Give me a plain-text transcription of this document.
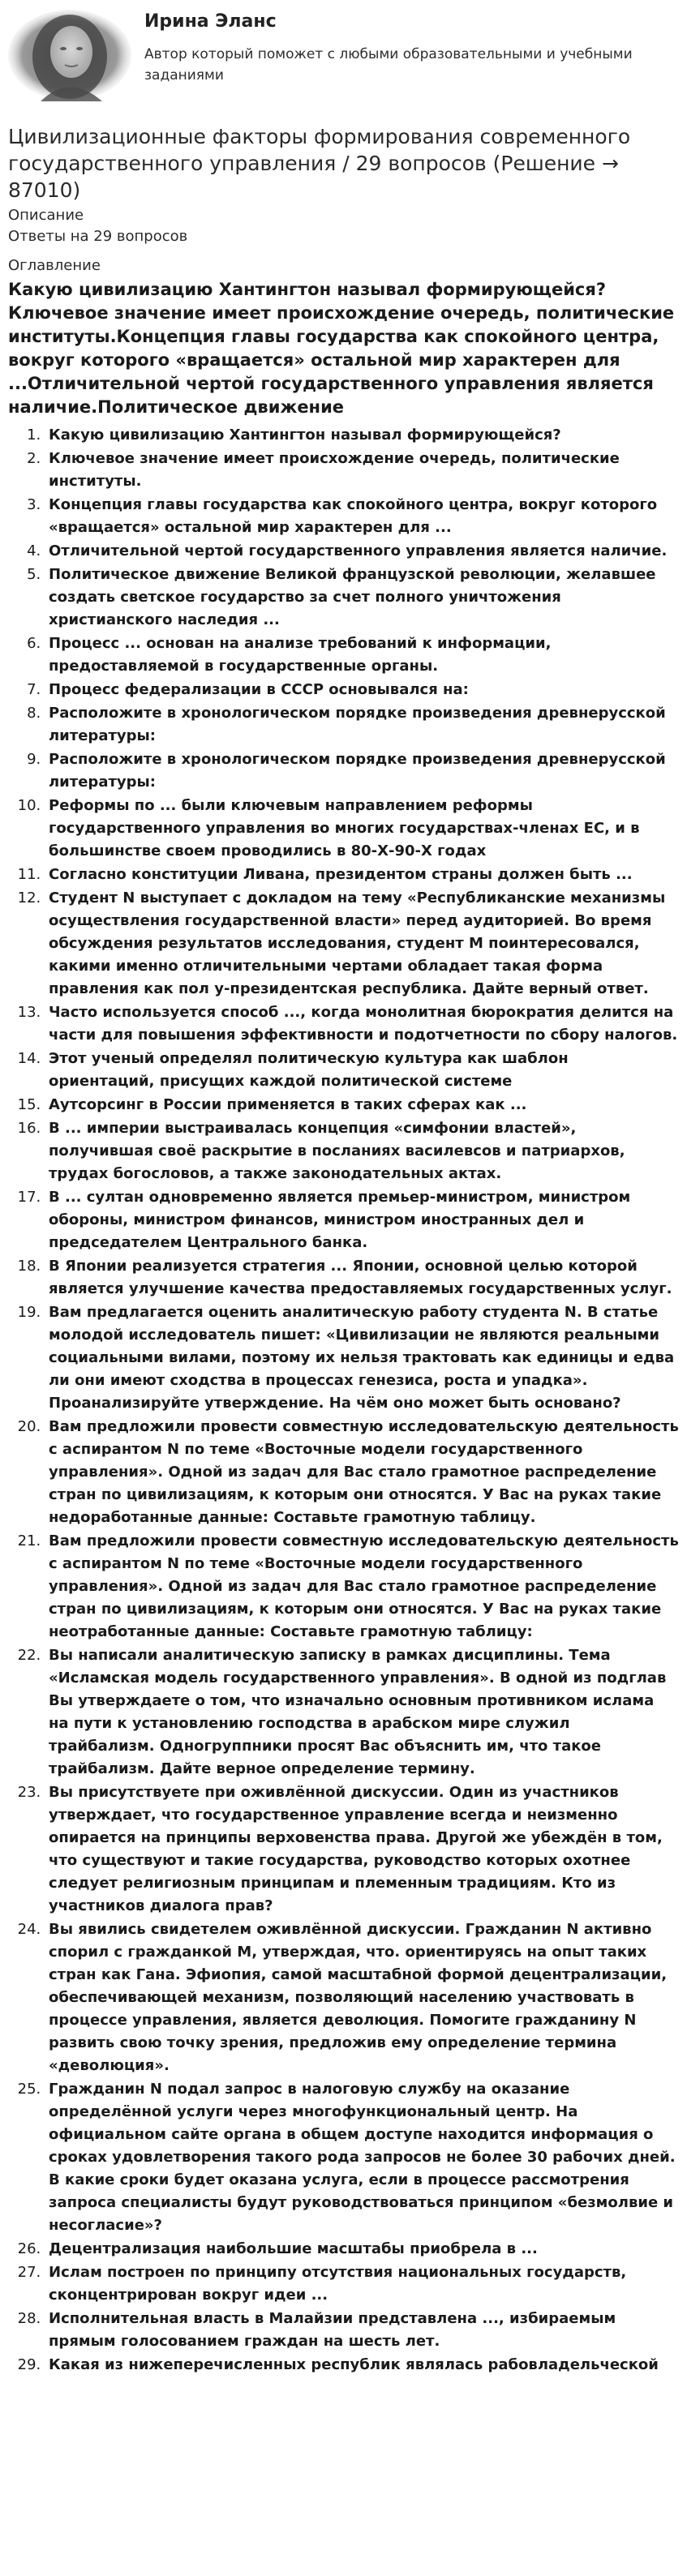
Ирина Эланс
Автор который поможет с любыми образовательными и учебными заданиями
Цивилизационные факторы формирования современного государственного управления / 29 вопросов (Решение → 87010)
Описание
Ответы на 29 вопросов
Оглавление
Какую цивилизацию Хантингтон называл формирующейся?Ключевое значение имеет происхождение очередь, политические институты.Концепция главы государства как спокойного центра, вокруг которого «вращается» остальной мир характерен для ...Отличительной чертой государственного управления является наличие.Политическое движение
1. Какую цивилизацию Хантингтон называл формирующейся?
2. Ключевое значение имеет происхождение очередь, политические институты.
3. Концепция главы государства как спокойного центра, вокруг которого «вращается» остальной мир характерен для ...
4. Отличительной чертой государственного управления является наличие.
5. Политическое движение Великой французской революции, желавшее создать светское государство за счет полного уничтожения христианского наследия ...
6. Процесс ... основан на анализе требований к информации, предоставляемой в государственные органы.
7. Процесс федерализации в СССР основывался на:
8. Расположите в хронологическом порядке произведения древнерусской литературы:
9. Расположите в хронологическом порядке произведения древнерусской литературы:
10. Реформы по ... были ключевым направлением реформы государственного управления во многих государствах-членах ЕС, и в большинстве своем проводились в 80-Х-90-Х годах
11. Согласно конституции Ливана, президентом страны должен быть ...
12. Студент N выступает с докладом на тему «Республиканские механизмы осуществления государственной власти» перед аудиторией. Во время обсуждения результатов исследования, студент М поинтересовался, какими именно отличительными чертами обладает такая форма правления как пол у-президентская республика. Дайте верный ответ.
13. Часто используется способ ..., когда монолитная бюрократия делится на части для повышения эффективности и подотчетности по сбору налогов.
14. Этот ученый определял политическую культура как шаблон ориентаций, присущих каждой политической системе
15. Аутсорсинг в России применяется в таких сферах как ...
16. В ... империи выстраивалась концепция «симфонии властей», получившая своё раскрытие в посланиях василевсов и патриархов, трудах богословов, а также законодательных актах.
17. В ... султан одновременно является премьер-министром, министром обороны, министром финансов, министром иностранных дел и председателем Центрального банка.
18. В Японии реализуется стратегия ... Японии, основной целью которой является улучшение качества предоставляемых государственных услуг.
19. Вам предлагается оценить аналитическую работу студента N. В статье молодой исследователь пишет: «Цивилизации не являются реальными социальными вилами, поэтому их нельзя трактовать как единицы и едва ли они имеют сходства в процессах генезиса, роста и упадка». Проанализируйте утверждение. На чём оно может быть основано?
20. Вам предложили провести совместную исследовательскую деятельность с аспирантом N по теме «Восточные модели государственного управления». Одной из задач для Вас стало грамотное распределение стран по цивилизациям, к которым они относятся. У Вас на руках такие недоработанные данные: Составьте грамотную таблицу.
21. Вам предложили провести совместную исследовательскую деятельность с аспирантом N по теме «Восточные модели государственного управления». Одной из задач для Вас стало грамотное распределение стран по цивилизациям, к которым они относятся. У Вас на руках такие неотработанные данные: Составьте грамотную таблицу:
22. Вы написали аналитическую записку в рамках дисциплины. Тема «Исламская модель государственного управления». В одной из подглав Вы утверждаете о том, что изначально основным противником ислама на пути к установлению господства в арабском мире служил трайбализм. Одногруппники просят Вас объяснить им, что такое трайбализм. Дайте верное определение термину.
23. Вы присутствуете при оживлённой дискуссии. Один из участников утверждает, что государственное управление всегда и неизменно опирается на принципы верховенства права. Другой же убеждён в том, что существуют и такие государства, руководство которых охотнее следует религиозным принципам и племенным традициям. Кто из участников диалога прав?
24. Вы явились свидетелем оживлённой дискуссии. Гражданин N активно спорил с гражданкой М, утверждая, что. ориентируясь на опыт таких стран как Гана. Эфиопия, самой масштабной формой децентрализации, обеспечивающей механизм, позволяющий населению участвовать в процессе управления, является деволюция. Помогите гражданину N развить свою точку зрения, предложив ему определение термина «деволюция».
25. Гражданин N подал запрос в налоговую службу на оказание определённой услуги через многофункциональный центр. На официальном сайте органа в общем доступе находится информация о сроках удовлетворения такого рода запросов не более 30 рабочих дней. В какие сроки будет оказана услуга, если в процессе рассмотрения запроса специалисты будут руководствоваться принципом «безмолвие и несогласие»?
26. Децентрализация наибольшие масштабы приобрела в ...
27. Ислам построен по принципу отсутствия национальных государств, сконцентрирован вокруг идеи ...
28. Исполнительная власть в Малайзии представлена ..., избираемым прямым голосованием граждан на шесть лет.
29. Какая из нижеперечисленных республик являлась рабовладельческой
